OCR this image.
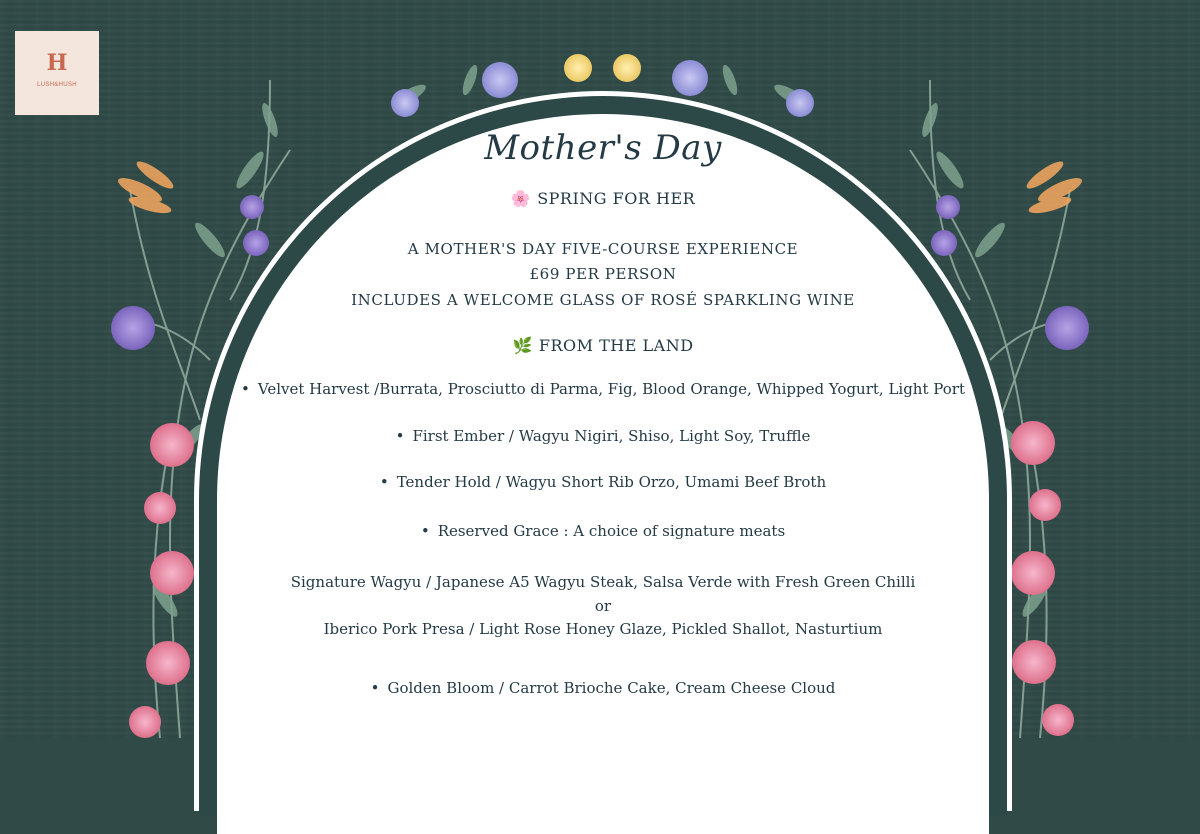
H
LUSH&HUSH
Mother's Day
🌸 SPRING FOR HER
A MOTHER'S DAY FIVE-COURSE EXPERIENCE
£69 PER PERSON
INCLUDES A WELCOME GLASS OF ROSÉ SPARKLING WINE
🌿 FROM THE LAND
• Velvet Harvest /Burrata, Prosciutto di Parma, Fig, Blood Orange, Whipped Yogurt, Light Port
• First Ember / Wagyu Nigiri, Shiso, Light Soy, Truffle
• Tender Hold / Wagyu Short Rib Orzo, Umami Beef Broth
• Reserved Grace : A choice of signature meats
Signature Wagyu / Japanese A5 Wagyu Steak, Salsa Verde with Fresh Green Chilli
or
Iberico Pork Presa / Light Rose Honey Glaze, Pickled Shallot, Nasturtium
• Golden Bloom / Carrot Brioche Cake, Cream Cheese Cloud
